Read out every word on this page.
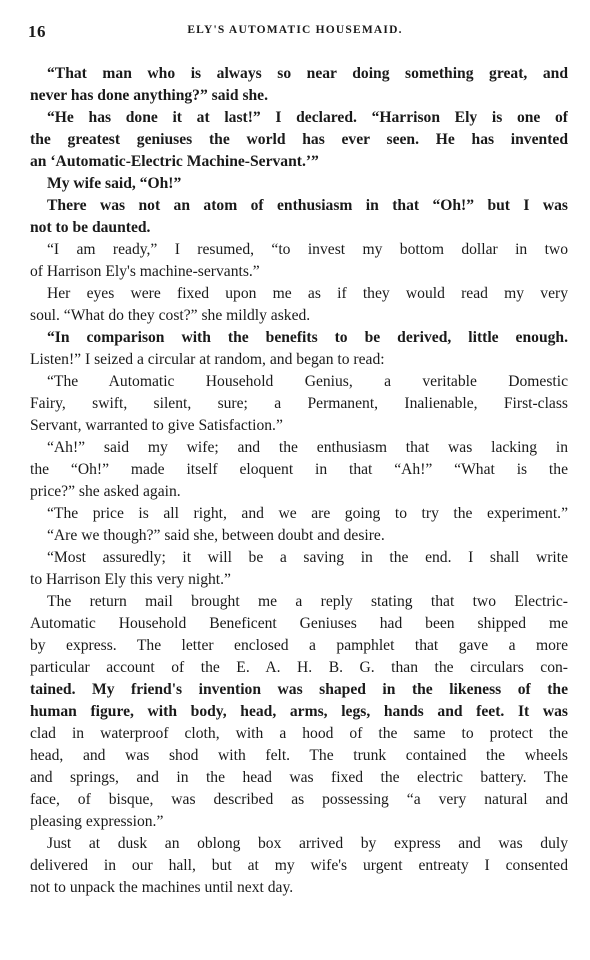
16	ELY'S AUTOMATIC HOUSEMAID.
“That man who is always so near doing something great, and
never has done anything?” said she.
“He has done it at last!” I declared. “Harrison Ely is one of
the greatest geniuses the world has ever seen. He has invented
an ‘Automatic-Electric Machine-Servant.’”
My wife said, “Oh!”
There was not an atom of enthusiasm in that “Oh!” but I was
not to be daunted.
“I am ready,” I resumed, “to invest my bottom dollar in two
of Harrison Ely's machine-servants.”
Her eyes were fixed upon me as if they would read my very
soul. “What do they cost?” she mildly asked.
“In comparison with the benefits to be derived, little enough.
Listen!” I seized a circular at random, and began to read:
“The Automatic Household Genius, a veritable Domestic
Fairy, swift, silent, sure; a Permanent, Inalienable, First-class
Servant, warranted to give Satisfaction.”
“Ah!” said my wife; and the enthusiasm that was lacking in
the “Oh!” made itself eloquent in that “Ah!” “What is the
price?” she asked again.
“The price is all right, and we are going to try the experiment.”
“Are we though?” said she, between doubt and desire.
“Most assuredly; it will be a saving in the end. I shall write
to Harrison Ely this very night.”
The return mail brought me a reply stating that two Electric-
Automatic Household Beneficent Geniuses had been shipped me
by express. The letter enclosed a pamphlet that gave a more
particular account of the E. A. H. B. G. than the circulars con-
tained. My friend's invention was shaped in the likeness of the
human figure, with body, head, arms, legs, hands and feet. It was
clad in waterproof cloth, with a hood of the same to protect the
head, and was shod with felt. The trunk contained the wheels
and springs, and in the head was fixed the electric battery. The
face, of bisque, was described as possessing “a very natural and
pleasing expression.”
Just at dusk an oblong box arrived by express and was duly
delivered in our hall, but at my wife's urgent entreaty I consented
not to unpack the machines until next day.
